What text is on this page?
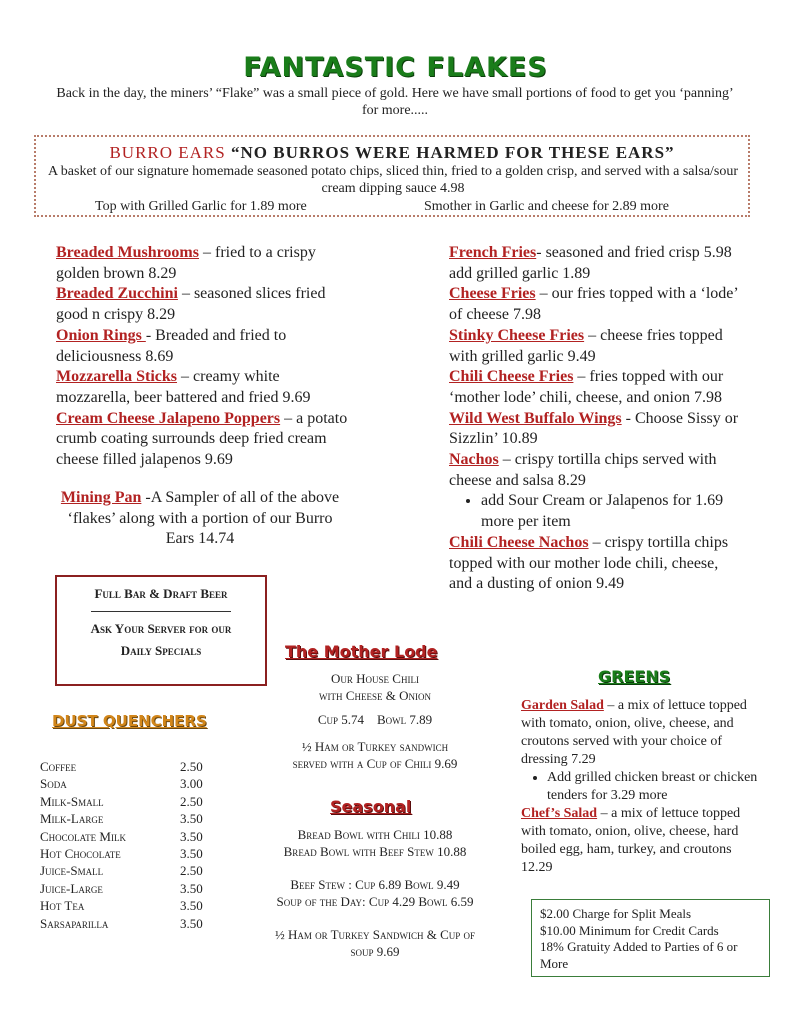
FANTASTIC FLAKES
Back in the day, the miners’ “Flake” was a small piece of gold. Here we have small portions of food to get you ‘panning’ for more.....
BURRO EARS “NO BURROS WERE HARMED FOR THESE EARS”
A basket of our signature homemade seasoned potato chips, sliced thin, fried to a golden crisp, and served with a salsa/sour cream dipping sauce 4.98
Top with Grilled Garlic for 1.89 more	Smother in Garlic and cheese for 2.89 more
Breaded Mushrooms – fried to a crispy golden brown 8.29
Breaded Zucchini – seasoned slices fried good n crispy 8.29
Onion Rings - Breaded and fried to deliciousness 8.69
Mozzarella Sticks – creamy white mozzarella, beer battered and fried 9.69
Cream Cheese Jalapeno Poppers – a potato crumb coating surrounds deep fried cream cheese filled jalapenos 9.69
Mining Pan -A Sampler of all of the above ‘flakes’ along with a portion of our Burro Ears 14.74
French Fries- seasoned and fried crisp 5.98 add grilled garlic 1.89
Cheese Fries – our fries topped with a ‘lode’ of cheese 7.98
Stinky Cheese Fries – cheese fries topped with grilled garlic 9.49
Chili Cheese Fries – fries topped with our ‘mother lode’ chili, cheese, and onion 7.98
Wild West Buffalo Wings - Choose Sissy or Sizzlin’ 10.89
Nachos – crispy tortilla chips served with cheese and salsa 8.29
• add Sour Cream or Jalapenos for 1.69 more per item
Chili Cheese Nachos – crispy tortilla chips topped with our mother lode chili, cheese, and a dusting of onion 9.49
Full Bar & Draft Beer
Ask Your Server for our
Daily Specials
DUST QUENCHERS
Coffee	2.50
Soda	3.00
Milk-Small	2.50
Milk-Large	3.50
Chocolate Milk	3.50
Hot Chocolate	3.50
Juice-Small	2.50
Juice-Large	3.50
Hot Tea	3.50
Sarsaparilla	3.50
The Mother Lode
Our House Chili
with Cheese & Onion
Cup 5.74 Bowl 7.89
½ Ham or Turkey sandwich
served with a Cup of Chili 9.69
Seasonal
Bread Bowl with Chili 10.88
Bread Bowl with Beef Stew 10.88
Beef Stew : Cup 6.89 Bowl 9.49
Soup of the Day: Cup 4.29 Bowl 6.59
½ Ham or Turkey Sandwich & Cup of
soup 9.69
GREENS
Garden Salad – a mix of lettuce topped with tomato, onion, olive, cheese, and croutons served with your choice of dressing 7.29
• Add grilled chicken breast or chicken tenders for 3.29 more
Chef’s Salad – a mix of lettuce topped with tomato, onion, olive, cheese, hard boiled egg, ham, turkey, and croutons 12.29
$2.00 Charge for Split Meals
$10.00 Minimum for Credit Cards
18% Gratuity Added to Parties of 6 or More
